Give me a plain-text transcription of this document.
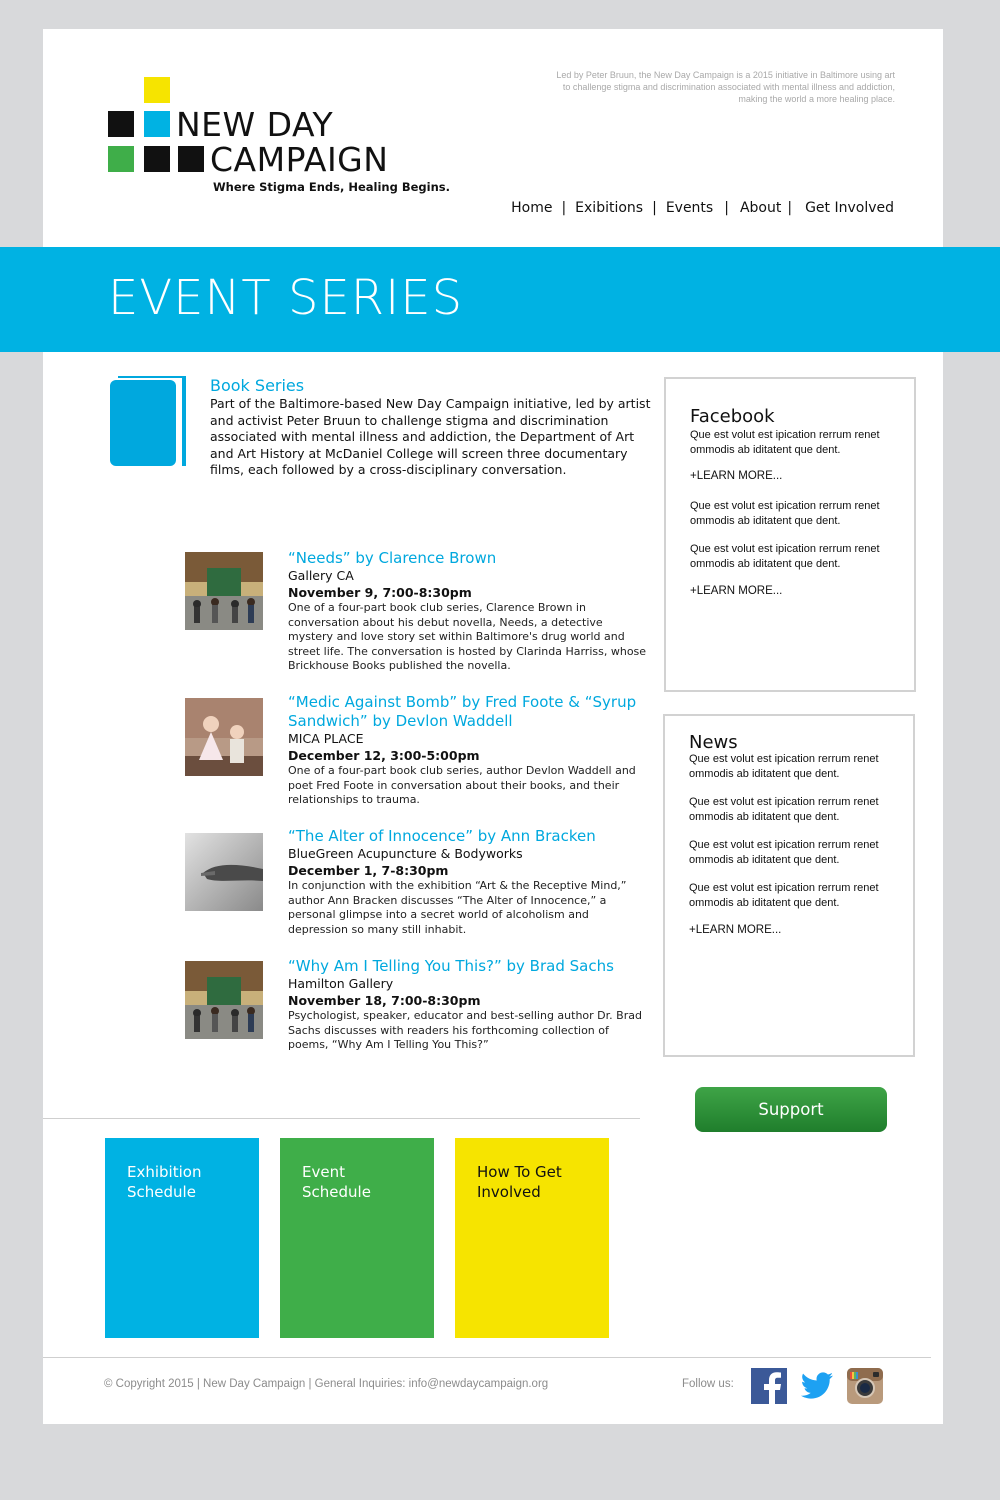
NEW DAY
CAMPAIGN
Where Stigma Ends, Healing Begins.
Led by Peter Bruun, the New Day Campaign is a 2015 initiative in Baltimore using art to challenge stigma and discrimination associated with mental illness and addiction, making the world a more healing place.
Home | Exibitions | Events | About | Get Involved
EVENT SERIES
Book Series
Part of the Baltimore-based New Day Campaign initiative, led by artist and activist Peter Bruun to challenge stigma and discrimination associated with mental illness and addiction, the Department of Art and Art History at McDaniel College will screen three documentary films, each followed by a cross-disciplinary conversation.
“Needs” by Clarence Brown
Gallery CA
November 9, 7:00-8:30pm
One of a four-part book club series, Clarence Brown in conversation about his debut novella, Needs, a detective mystery and love story set within Baltimore's drug world and street life. The conversation is hosted by Clarinda Harriss, whose Brickhouse Books published the novella.
“Medic Against Bomb” by Fred Foote & “Syrup Sandwich” by Devlon Waddell
MICA PLACE
December 12, 3:00-5:00pm
One of a four-part book club series, author Devlon Waddell and poet Fred Foote in conversation about their books, and their relationships to trauma.
“The Alter of Innocence” by Ann Bracken
BlueGreen Acupuncture & Bodyworks
December 1, 7-8:30pm
In conjunction with the exhibition “Art & the Receptive Mind,” author Ann Bracken discusses “The Alter of Innocence,” a personal glimpse into a secret world of alcoholism and depression so many still inhabit.
“Why Am I Telling You This?” by Brad Sachs
Hamilton Gallery
November 18, 7:00-8:30pm
Psychologist, speaker, educator and best-selling author Dr. Brad Sachs discusses with readers his forthcoming collection of poems, “Why Am I Telling You This?”
Facebook
Que est volut est ipication rerrum renet ommodis ab iditatent que dent.
+LEARN MORE...
Que est volut est ipication rerrum renet ommodis ab iditatent que dent.
Que est volut est ipication rerrum renet ommodis ab iditatent que dent.
+LEARN MORE...
News
Que est volut est ipication rerrum renet ommodis ab iditatent que dent.
Que est volut est ipication rerrum renet ommodis ab iditatent que dent.
Que est volut est ipication rerrum renet ommodis ab iditatent que dent.
Que est volut est ipication rerrum renet ommodis ab iditatent que dent.
+LEARN MORE...
Support
Exhibition Schedule
Event Schedule
How To Get Involved
© Copyright 2015 | New Day Campaign | General Inquiries: info@newdaycampaign.org	Follow us:
